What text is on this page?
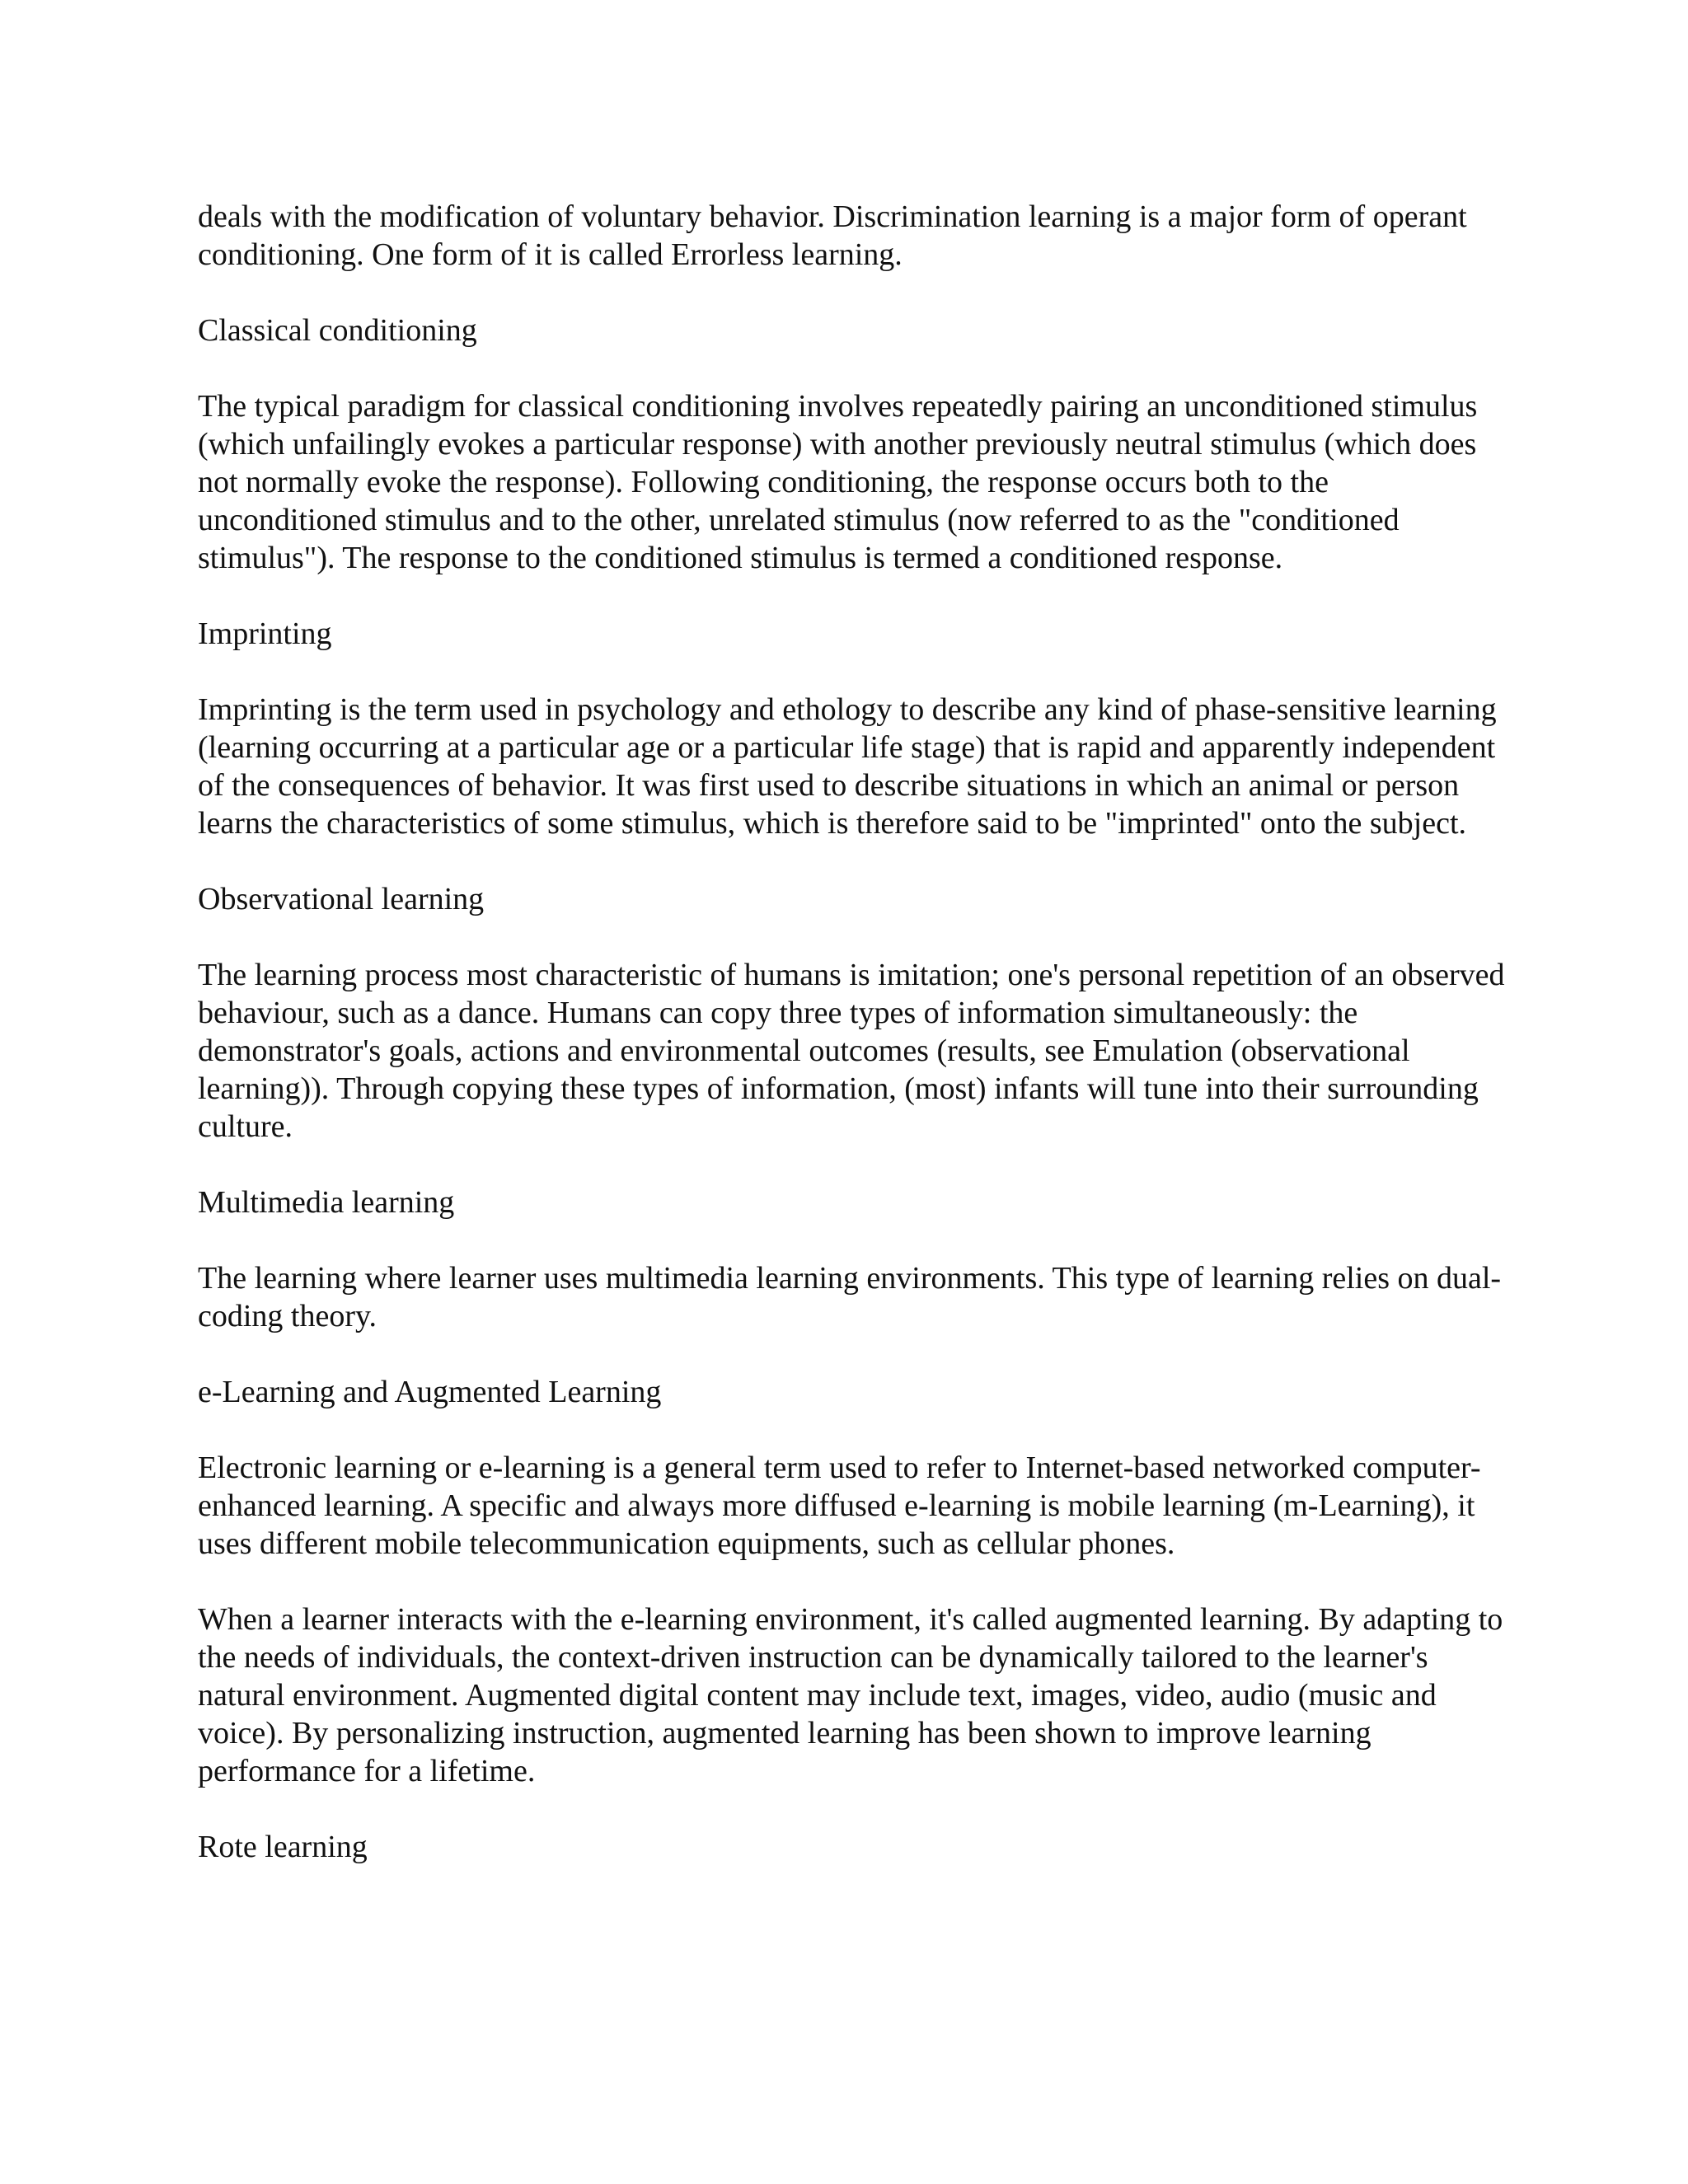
deals with the modification of voluntary behavior. Discrimination learning is a major form of operant conditioning. One form of it is called Errorless learning.

Classical conditioning

The typical paradigm for classical conditioning involves repeatedly pairing an unconditioned stimulus (which unfailingly evokes a particular response) with another previously neutral stimulus (which does not normally evoke the response). Following conditioning, the response occurs both to the unconditioned stimulus and to the other, unrelated stimulus (now referred to as the "conditioned stimulus"). The response to the conditioned stimulus is termed a conditioned response.

Imprinting

Imprinting is the term used in psychology and ethology to describe any kind of phase-sensitive learning (learning occurring at a particular age or a particular life stage) that is rapid and apparently independent of the consequences of behavior. It was first used to describe situations in which an animal or person learns the characteristics of some stimulus, which is therefore said to be "imprinted" onto the subject.

Observational learning

The learning process most characteristic of humans is imitation; one's personal repetition of an observed behaviour, such as a dance. Humans can copy three types of information simultaneously: the demonstrator's goals, actions and environmental outcomes (results, see Emulation (observational learning)). Through copying these types of information, (most) infants will tune into their surrounding culture.

Multimedia learning

The learning where learner uses multimedia learning environments. This type of learning relies on dual-coding theory.

e-Learning and Augmented Learning

Electronic learning or e-learning is a general term used to refer to Internet-based networked computer-enhanced learning. A specific and always more diffused e-learning is mobile learning (m-Learning), it uses different mobile telecommunication equipments, such as cellular phones.

When a learner interacts with the e-learning environment, it's called augmented learning. By adapting to the needs of individuals, the context-driven instruction can be dynamically tailored to the learner's natural environment. Augmented digital content may include text, images, video, audio (music and voice). By personalizing instruction, augmented learning has been shown to improve learning performance for a lifetime.

Rote learning
